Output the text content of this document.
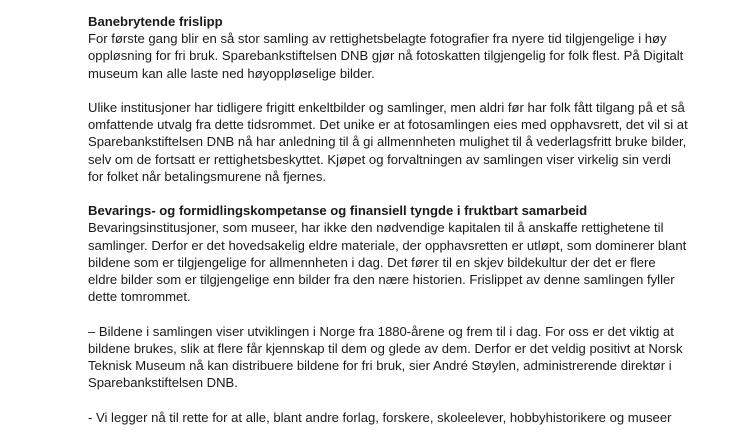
Banebrytende frislipp

For første gang blir en så stor samling av rettighetsbelagte fotografier fra nyere tid tilgjengelige i høy oppløsning for fri bruk. Sparebankstiftelsen DNB gjør nå fotoskatten tilgjengelig for folk flest. På Digitalt museum kan alle laste ned høyoppløselige bilder.

Ulike institusjoner har tidligere frigitt enkeltbilder og samlinger, men aldri før har folk fått tilgang på et så omfattende utvalg fra dette tidsrommet. Det unike er at fotosamlingen eies med opphavsrett, det vil si at Sparebankstiftelsen DNB nå har anledning til å gi allmennheten mulighet til å vederlagsfritt bruke bilder, selv om de fortsatt er rettighetsbeskyttet. Kjøpet og forvaltningen av samlingen viser virkelig sin verdi for folket når betalingsmurene nå fjernes.

Bevarings- og formidlingskompetanse og finansiell tyngde i fruktbart samarbeid

Bevaringsinstitusjoner, som museer, har ikke den nødvendige kapitalen til å anskaffe rettighetene til samlinger. Derfor er det hovedsakelig eldre materiale, der opphavsretten er utløpt, som dominerer blant bildene som er tilgjengelige for allmennheten i dag. Det fører til en skjev bildekultur der det er flere eldre bilder som er tilgjengelige enn bilder fra den nære historien. Frislippet av denne samlingen fyller dette tomrommet.

– Bildene i samlingen viser utviklingen i Norge fra 1880-årene og frem til i dag. For oss er det viktig at bildene brukes, slik at flere får kjennskap til dem og glede av dem. Derfor er det veldig positivt at Norsk Teknisk Museum nå kan distribuere bildene for fri bruk, sier André Støylen, administrerende direktør i Sparebankstiftelsen DNB.

- Vi legger nå til rette for at alle, blant andre forlag, forskere, skoleelever, hobbyhistorikere og museer
